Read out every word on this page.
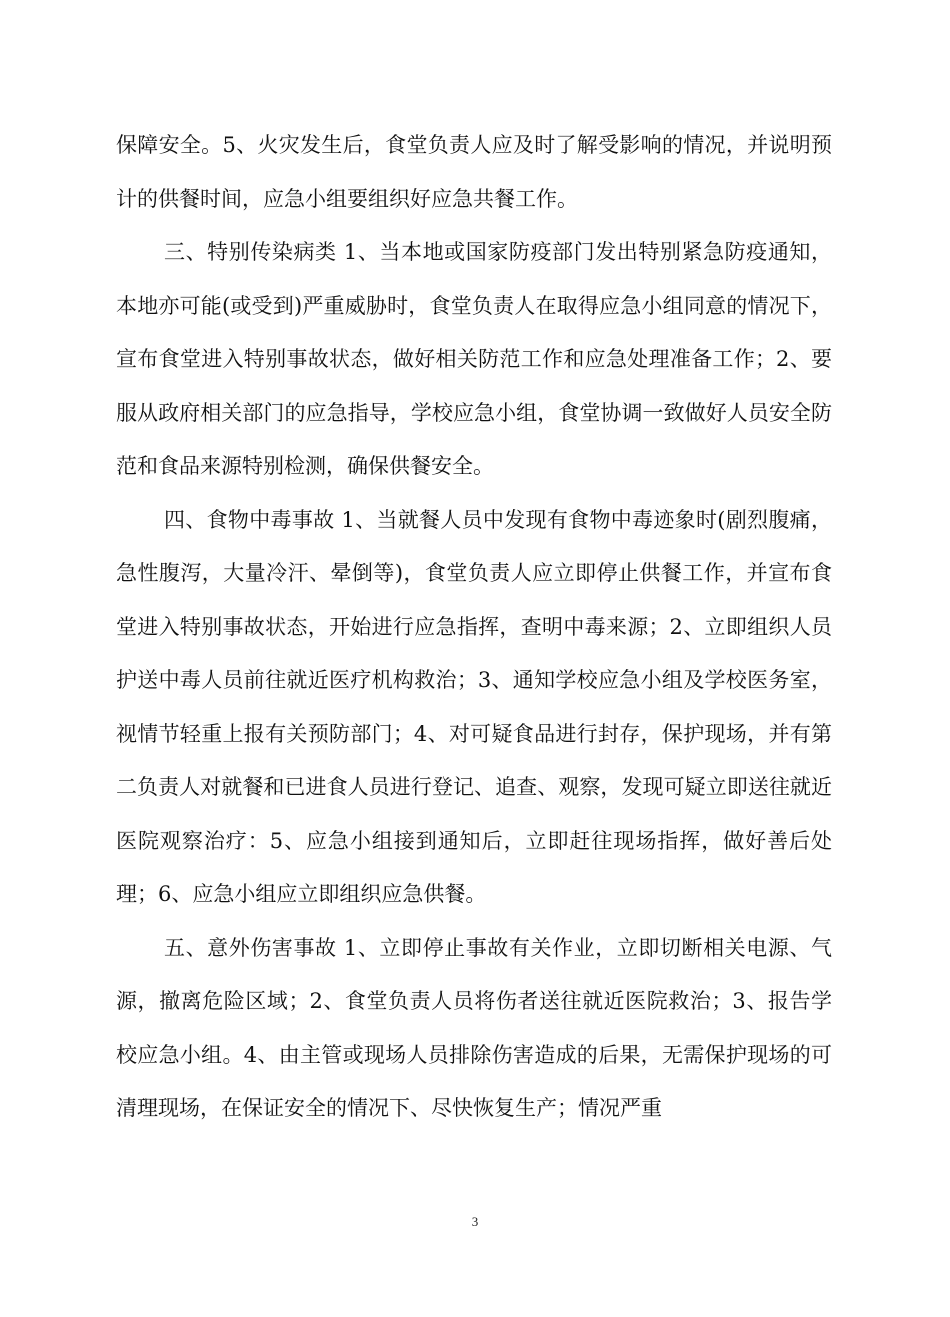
保障安全。5、火灾发生后，食堂负责人应及时了解受影响的情况，并说明预计的供餐时间，应急小组要组织好应急共餐工作。

三、特别传染病类 1、当本地或国家防疫部门发出特别紧急防疫通知，本地亦可能(或受到)严重威胁时，食堂负责人在取得应急小组同意的情况下，宣布食堂进入特别事故状态，做好相关防范工作和应急处理准备工作；2、要服从政府相关部门的应急指导，学校应急小组，食堂协调一致做好人员安全防范和食品来源特别检测，确保供餐安全。

四、食物中毒事故 1、当就餐人员中发现有食物中毒迹象时(剧烈腹痛，急性腹泻，大量冷汗、晕倒等)，食堂负责人应立即停止供餐工作，并宣布食堂进入特别事故状态，开始进行应急指挥，查明中毒来源；2、立即组织人员护送中毒人员前往就近医疗机构救治；3、通知学校应急小组及学校医务室，视情节轻重上报有关预防部门；4、对可疑食品进行封存，保护现场，并有第二负责人对就餐和已进食人员进行登记、追查、观察，发现可疑立即送往就近医院观察治疗：5、应急小组接到通知后，立即赶往现场指挥，做好善后处理；6、应急小组应立即组织应急供餐。

五、意外伤害事故 1、立即停止事故有关作业，立即切断相关电源、气源，撤离危险区域；2、食堂负责人员将伤者送往就近医院救治；3、报告学校应急小组。4、由主管或现场人员排除伤害造成的后果，无需保护现场的可清理现场，在保证安全的情况下、尽快恢复生产；情况严重

3
